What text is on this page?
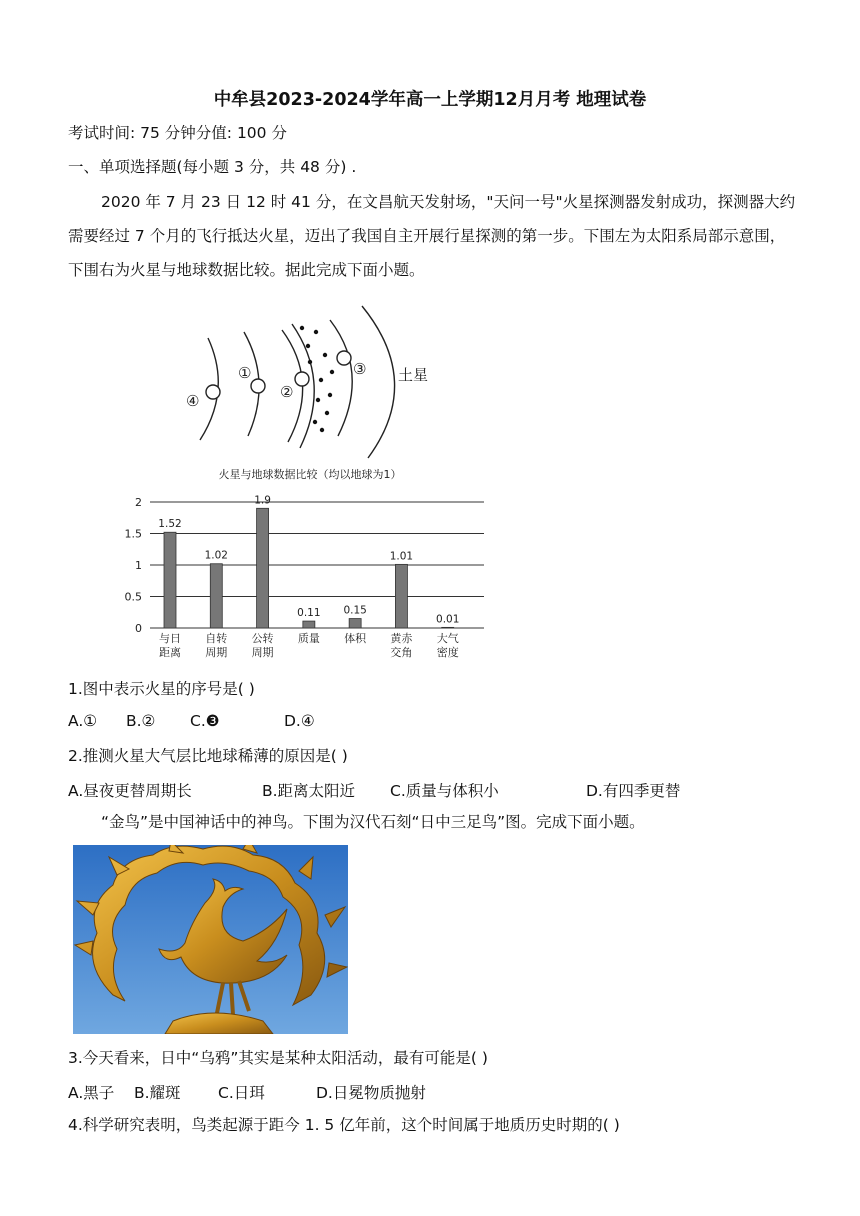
中牟县2023-2024学年高一上学期12月月考 地理试卷
考试时间: 75 分钟分值: 100 分
一、单项选择题(每小题 3 分，共 48 分) .
2020 年 7 月 23 日 12 时 41 分，在文昌航天发射场，"天问一号"火星探测器发射成功，探测器大约需要经过 7 个月的飞行抵达火星，迈出了我国自主开展行星探测的第一步。下围左为太阳系局部示意围，下围右为火星与地球数据比较。据此完成下面小题。
④
①
②
③ 土星
火星与地球数据比较（均以地球为1）
0
0.5
1
1.5
2
1.52
与日
距离
1.02
自转
周期
1.9
公转
周期
0.11
质量
0.15
体积
1.01
黄赤
交角
0.01
大气
密度
1.图中表示火星的序号是( )
A.① B.② C.❸	D.④
2.推测火星大气层比地球稀薄的原因是( )
A.昼夜更替周期长	B.距离太阳近 C.质量与体积小	D.有四季更替
“金鸟”是中国神话中的神鸟。下围为汉代石刻“日中三足鸟”图。完成下面小题。
3.今天看来，日中“乌鸦”其实是某种太阳活动，最有可能是( )
A.黑子 B.耀斑 C.日珥	D.日冕物质抛射
4.科学研究表明，鸟类起源于距今 1. 5 亿年前，这个时间属于地质历史时期的( )
